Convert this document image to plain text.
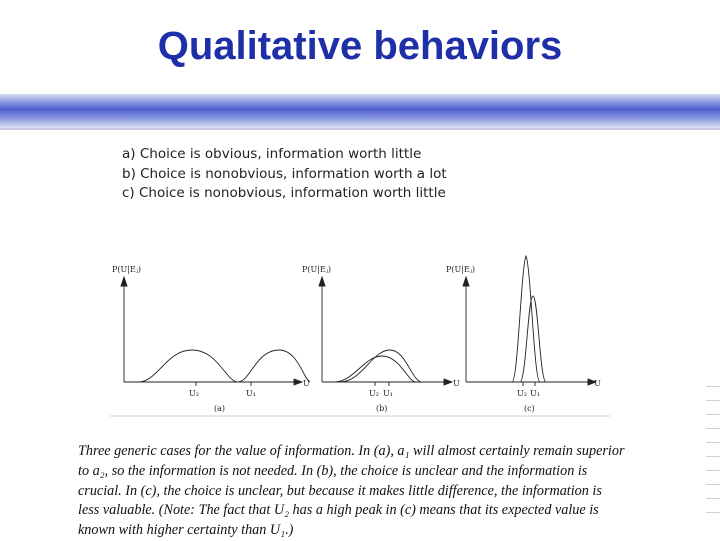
Qualitative behaviors
a) Choice is obvious, information worth little
b) Choice is nonobvious, information worth a lot
c) Choice is nonobvious, information worth little
P(U|Eⱼ)
U
U₂	U₁
(a)
P(U|Eⱼ)
U
U₂ U₁
(b)
P(U|Eⱼ)
U
U₂ U₁
(c)
Three generic cases for the value of information. In (a), a₁ will almost certainly remain superior
to a₂, so the information is not needed. In (b), the choice is unclear and the information is
crucial. In (c), the choice is unclear, but because it makes little difference, the information is
less valuable. (Note: The fact that U₂ has a high peak in (c) means that its expected value is
known with higher certainty than U₁.)
